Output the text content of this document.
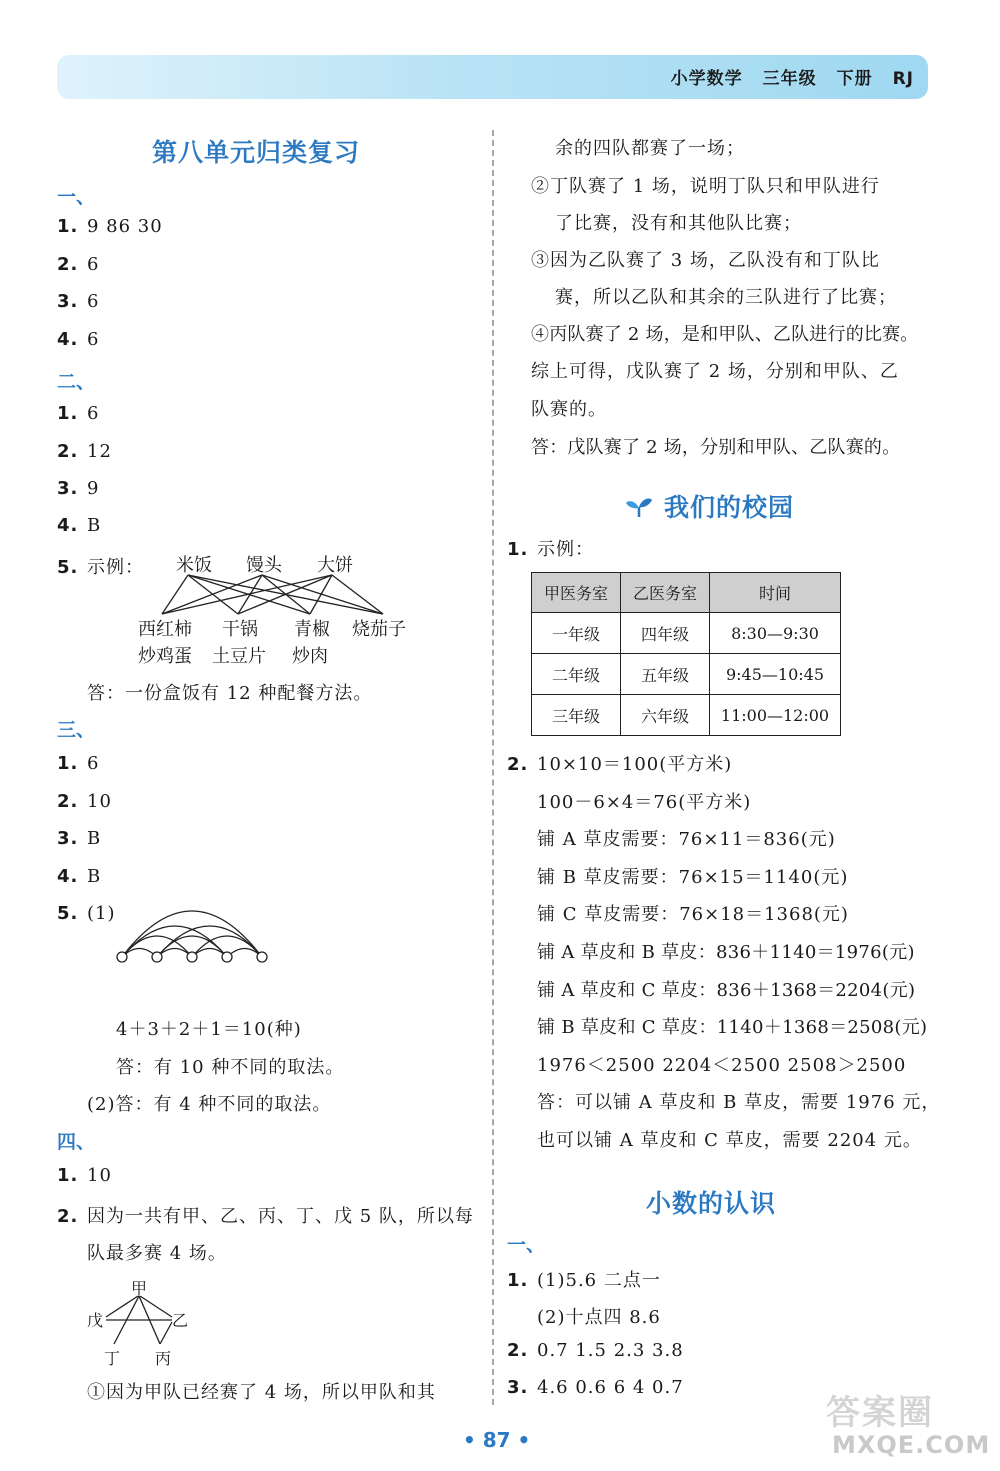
小学数学 三年级 下册 RJ
第八单元归类复习
一、
1. 9 86 30
2. 6
3. 6
4. 6
二、
1. 6
2. 12
3. 9
4. B
5. 示例： 米饭 馒头 大饼
西红柿 干锅 青椒 烧茄子
炒鸡蛋 土豆片 炒肉
答：一份盒饭有 12 种配餐方法。
三、
1. 6
2. 10
3. B
4. B
5. (1)
4＋3＋2＋1＝10(种)
答：有 10 种不同的取法。
(2)答：有 4 种不同的取法。
四、
1. 10
2. 因为一共有甲、乙、丙、丁、戊 5 队，所以每
队最多赛 4 场。
甲
乙
丙
丁
戊
①因为甲队已经赛了 4 场，所以甲队和其
余的四队都赛了一场；
②丁队赛了 1 场，说明丁队只和甲队进行
了比赛，没有和其他队比赛；
③因为乙队赛了 3 场，乙队没有和丁队比
赛，所以乙队和其余的三队进行了比赛；
④丙队赛了 2 场，是和甲队、乙队进行的比赛。
综上可得，戊队赛了 2 场，分别和甲队、乙
队赛的。
答：戊队赛了 2 场，分别和甲队、乙队赛的。
我们的校园
1. 示例：
甲医务室	乙医务室	时间
一年级	四年级	8:30—9:30
二年级	五年级	9:45—10:45
三年级	六年级	11:00—12:00
2. 10×10＝100(平方米)
100－6×4＝76(平方米)
铺 A 草皮需要：76×11＝836(元)
铺 B 草皮需要：76×15＝1140(元)
铺 C 草皮需要：76×18＝1368(元)
铺 A 草皮和 B 草皮：836＋1140＝1976(元)
铺 A 草皮和 C 草皮：836＋1368＝2204(元)
铺 B 草皮和 C 草皮：1140＋1368＝2508(元)
1976＜2500 2204＜2500 2508＞2500
答：可以铺 A 草皮和 B 草皮，需要 1976 元，
也可以铺 A 草皮和 C 草皮，需要 2204 元。
小数的认识
一、
1. (1)5.6 二点一
(2)十点四 8.6
2. 0.7 1.5 2.3 3.8
3. 4.6 0.6 6 4 0.7
• 87 •
答案圈
MXQE.COM
